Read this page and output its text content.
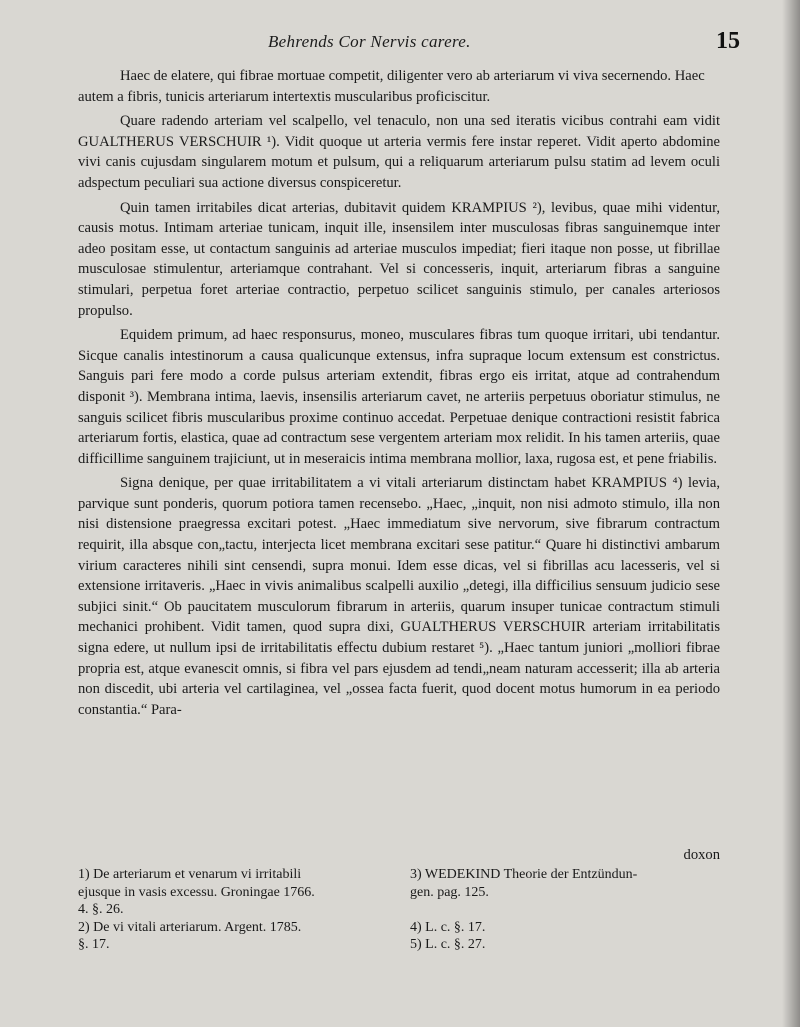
Behrends Cor Nervis carere.	15

Haec de elatere, qui fibrae mortuae competit, diligenter vero ab arteriarum vi viva secernendo. Haec autem a fibris, tunicis arteriarum intertextis muscularibus proficiscitur.

Quare radendo arteriam vel scalpello, vel tenaculo, non una sed iteratis vicibus contrahi eam vidit GUALTHERUS VERSCHUIR ¹). Vidit quoque ut arteria vermis fere instar reperet. Vidit aperto abdomine vivi canis cujusdam singularem motum et pulsum, qui a reliquarum arteriarum pulsu statim ad levem oculi adspectum peculiari sua actione diversus conspiceretur.

Quin tamen irritabiles dicat arterias, dubitavit quidem KRAMPIUS ²), levibus, quae mihi videntur, causis motus. Intimam arteriae tunicam, inquit ille, insensilem inter musculosas fibras sanguinemque inter adeo positam esse, ut contactum sanguinis ad arteriae musculos impediat; fieri itaque non posse, ut fibrillae musculosae stimulentur, arteriamque contrahant. Vel si concesseris, inquit, arteriarum fibras a sanguine stimulari, perpetua foret arteriae contractio, perpetuo scilicet sanguinis stimulo, per canales arteriosos propulso.

Equidem primum, ad haec responsurus, moneo, musculares fibras tum quoque irritari, ubi tendantur. Sicque canalis intestinorum a causa qualicunque extensus, infra supraque locum extensum est constrictus. Sanguis pari fere modo a corde pulsus arteriam extendit, fibras ergo eis irritat, atque ad contrahendum disponit ³). Membrana intima, laevis, insensilis arteriarum cavet, ne arteriis perpetuus oboriatur stimulus, ne sanguis scilicet fibris muscularibus proxime continuo accedat. Perpetuae denique contractioni resistit fabrica arteriarum fortis, elastica, quae ad contractum sese vergentem arteriam mox relidit. In his tamen arteriis, quae difficillime sanguinem trajiciunt, ut in meseraicis intima membrana mollior, laxa, rugosa est, et pene friabilis.

Signa denique, per quae irritabilitatem a vi vitali arteriarum distinctam habet KRAMPIUS ⁴) levia, parvique sunt ponderis, quorum potiora tamen recensebo. „Haec, „inquit, non nisi admoto stimulo, illa non nisi distensione praegressa excitari potest. „Haec immediatum sive nervorum, sive fibrarum contractum requirit, illa absque con„tactu, interjecta licet membrana excitari sese patitur.“ Quare hi distinctivi ambarum virium caracteres nihili sint censendi, supra monui. Idem esse dicas, vel si fibrillas acu lacesseris, vel si extensione irritaveris. „Haec in vivis animalibus scalpelli auxilio „detegi, illa difficilius sensuum judicio sese subjici sinit.“ Ob paucitatem musculorum fibrarum in arteriis, quarum insuper tunicae contractum stimuli mechanici prohibent. Vidit tamen, quod supra dixi, GUALTHERUS VERSCHUIR arteriam irritabilitatis signa edere, ut nullum ipsi de irritabilitatis effectu dubium restaret ⁵). „Haec tantum juniori „molliori fibrae propria est, atque evanescit omnis, si fibra vel pars ejusdem ad tendi„neam naturam accesserit; illa ab arteria non discedit, ubi arteria vel cartilaginea, vel „ossea facta fuerit, quod docent motus humorum in ea periodo constantia.“ Para-

doxon
1) De arteriarum et venarum vi irritabili
ejusque in vasis excessu. Groningae 1766.
4. §. 26.
2) De vi vitali arteriarum. Argent. 1785.
§. 17.
3) WEDEKIND Theorie der Entzündun-
gen. pag. 125.

4) L. c. §. 17.
5) L. c. §. 27.
